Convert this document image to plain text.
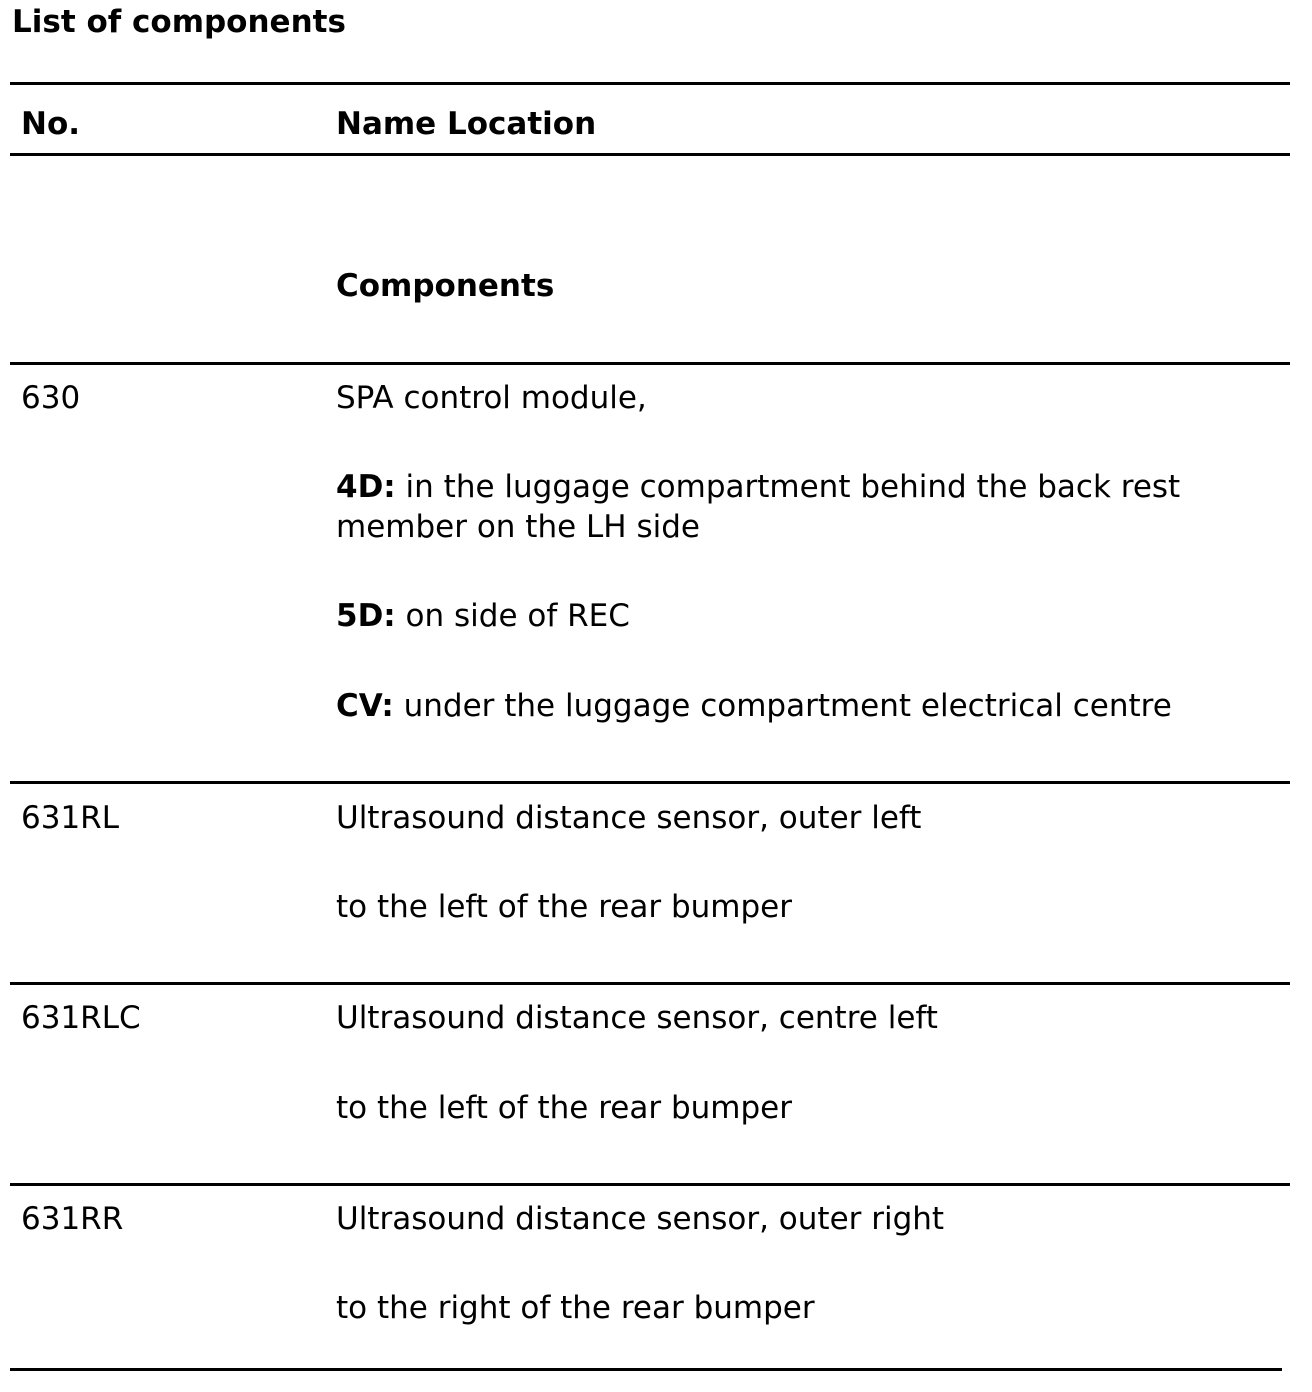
List of components
No.	Name Location
Components
630	SPA control module,
4D: in the luggage compartment behind the back rest member on the LH side
5D: on side of REC
CV: under the luggage compartment electrical centre
631RL	Ultrasound distance sensor, outer left
to the left of the rear bumper
631RLC	Ultrasound distance sensor, centre left
to the left of the rear bumper
631RR	Ultrasound distance sensor, outer right
to the right of the rear bumper
